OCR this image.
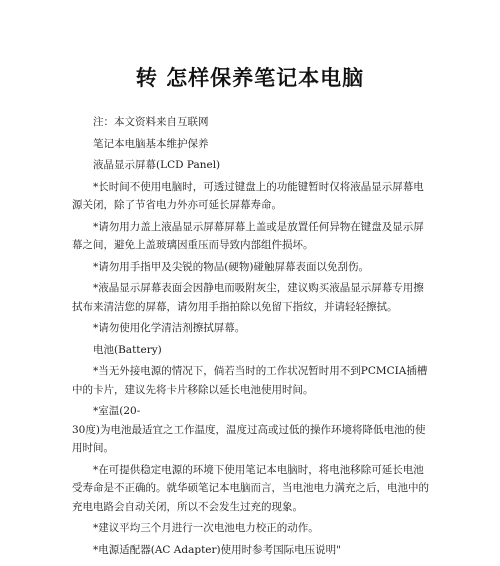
转 怎样保养笔记本电脑

注：本文资料来自互联网

笔记本电脑基本维护保养

液晶显示屏幕(LCD Panel)

*长时间不使用电脑时，可透过键盘上的功能键暂时仅将液晶显示屏幕电源关闭，除了节省电力外亦可延长屏幕寿命。

*请勿用力盖上液晶显示屏幕屏幕上盖或是放置任何异物在键盘及显示屏幕之间，避免上盖玻璃因重压而导致内部组件损坏。

*请勿用手指甲及尖锐的物品(硬物)碰触屏幕表面以免刮伤。

*液晶显示屏幕表面会因静电而吸附灰尘，建议购买液晶显示屏幕专用擦拭布来清洁您的屏幕，请勿用手指拍除以免留下指纹，并请轻轻擦拭。

*请勿使用化学清洁剂擦拭屏幕。

电池(Battery)

*当无外接电源的情况下，倘若当时的工作状况暂时用不到PCMCIA插槽中的卡片，建议先将卡片移除以延长电池使用时间。

*室温(20-
30度)为电池最适宜之工作温度，温度过高或过低的操作环境将降低电池的使用时间。

*在可提供稳定电源的环境下使用笔记本电脑时，将电池移除可延长电池受寿命是不正确的。就华硕笔记本电脑而言，当电池电力满充之后，电池中的充电电路会自动关闭，所以不会发生过充的现象。

*建议平均三个月进行一次电池电力校正的动作。

*电源适配器(AC Adapter)使用时参考国际电压说明"
